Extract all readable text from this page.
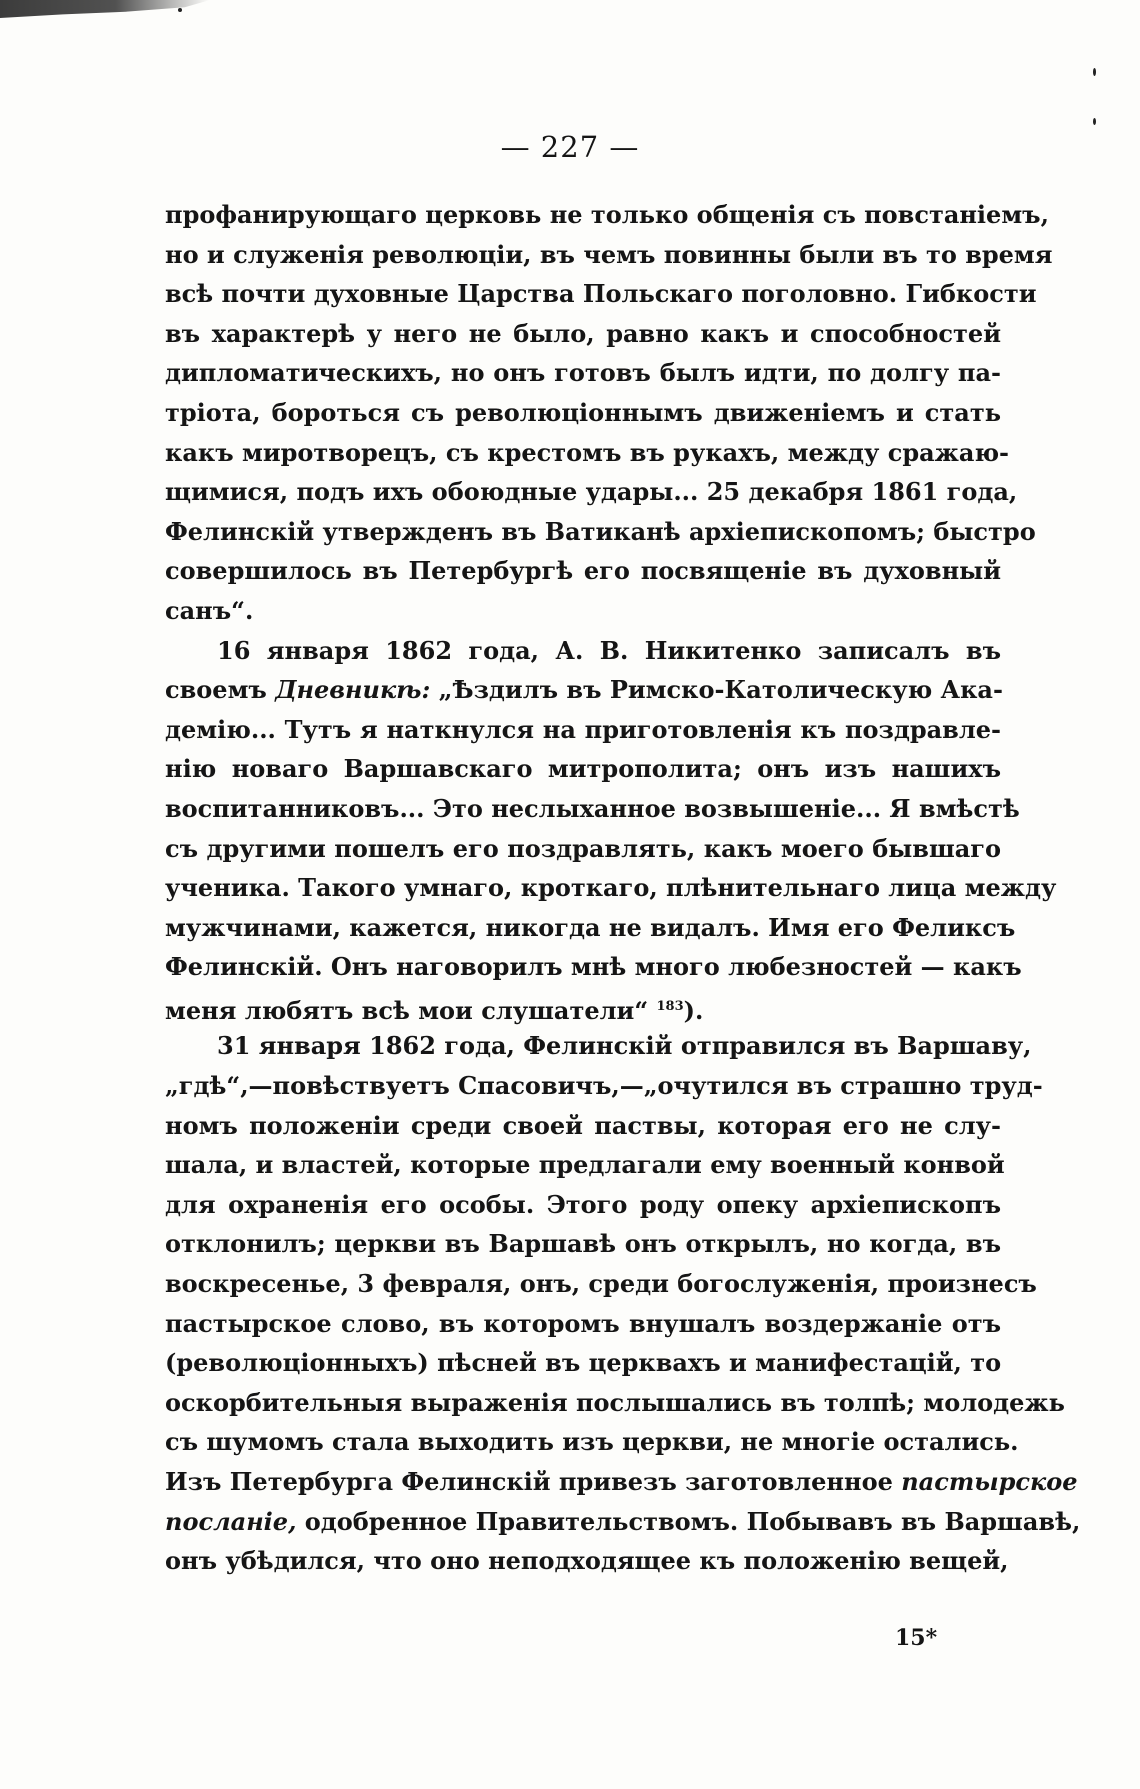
— 227 —
профанирующаго церковь не только общенія съ повстаніемъ,
но и служенія революціи, въ чемъ повинны были въ то время
всѣ почти духовные Царства Польскаго поголовно. Гибкости
въ характерѣ у него не было, равно какъ и способностей
дипломатическихъ, но онъ готовъ былъ идти, по долгу па-
тріота, бороться съ революціоннымъ движеніемъ и стать
какъ миротворецъ, съ крестомъ въ рукахъ, между сражаю-
щимися, подъ ихъ обоюдные удары... 25 декабря 1861 года,
Фелинскій утвержденъ въ Ватиканѣ архіепископомъ; быстро
совершилось въ Петербургѣ его посвященіе въ духовный
санъ“.
16 января 1862 года, А. В. Никитенко записалъ въ
своемъ Дневникѣ: „Ѣздилъ въ Римско-Католическую Ака-
демію... Тутъ я наткнулся на приготовленія къ поздравле-
нію новаго Варшавскаго митрополита; онъ изъ нашихъ
воспитанниковъ... Это неслыханное возвышеніе... Я вмѣстѣ
съ другими пошелъ его поздравлять, какъ моего бывшаго
ученика. Такого умнаго, кроткаго, плѣнительнаго лица между
мужчинами, кажется, никогда не видалъ. Имя его Феликсъ
Фелинскій. Онъ наговорилъ мнѣ много любезностей — какъ
меня любятъ всѣ мои слушатели“ $^{183}$).
31 января 1862 года, Фелинскій отправился въ Варшаву,
„гдѣ“,—повѣствуетъ Спасовичъ,—„очутился въ страшно труд-
номъ положеніи среди своей паствы, которая его не слу-
шала, и властей, которые предлагали ему военный конвой
для охраненія его особы. Этого роду опеку архіепископъ
отклонилъ; церкви въ Варшавѣ онъ открылъ, но когда, въ
воскресенье, 3 февраля, онъ, среди богослуженія, произнесъ
пастырское слово, въ которомъ внушалъ воздержаніе отъ
(революціонныхъ) пѣсней въ церквахъ и манифестацій, то
оскорбительныя выраженія послышались въ толпѣ; молодежь
съ шумомъ стала выходить изъ церкви, не многіе остались.
Изъ Петербурга Фелинскій привезъ заготовленное пастырское
посланіе, одобренное Правительствомъ. Побывавъ въ Варшавѣ,
онъ убѣдился, что оно неподходящее къ положенію вещей,
15*
